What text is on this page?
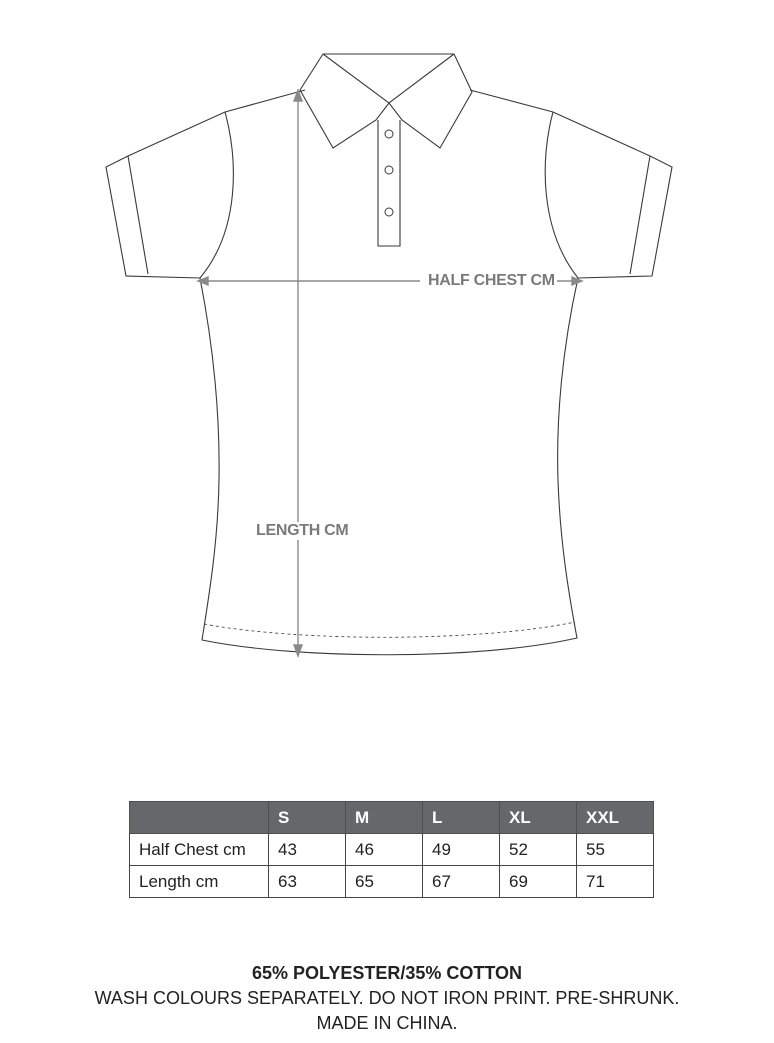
HALF CHEST CM
LENGTH CM
	S	M	L	XL	XXL
Half Chest cm	43	46	49	52	55
Length cm	63	65	67	69	71
65% POLYESTER/35% COTTON
WASH COLOURS SEPARATELY. DO NOT IRON PRINT. PRE-SHRUNK.
MADE IN CHINA.
